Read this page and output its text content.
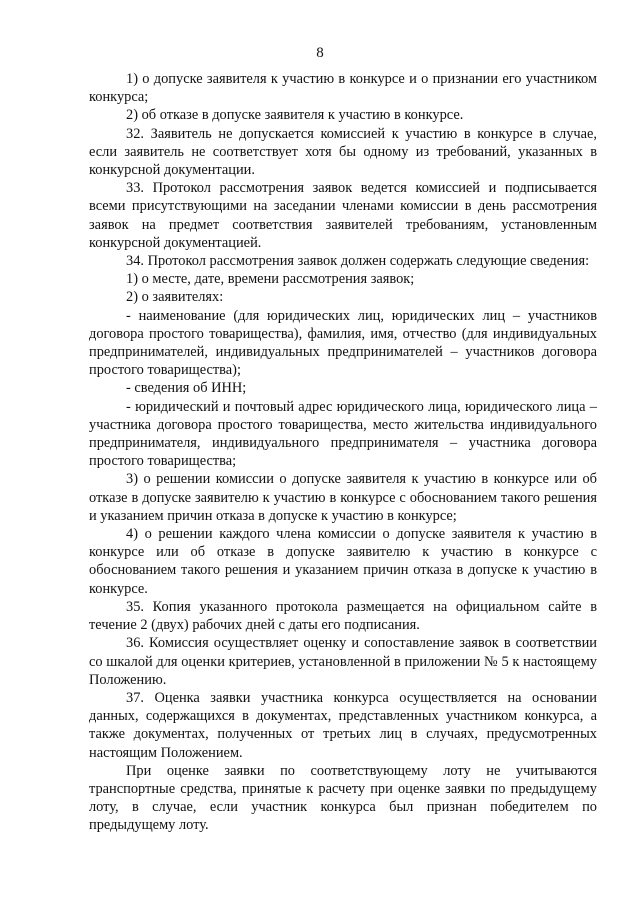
8

1) о допуске заявителя к участию в конкурсе и о признании его участником конкурса;

2) об отказе в допуске заявителя к участию в конкурсе.

32. Заявитель не допускается комиссией к участию в конкурсе в случае, если заявитель не соответствует хотя бы одному из требований, указанных в конкурсной документации.

33. Протокол рассмотрения заявок ведется комиссией и подписывается всеми присутствующими на заседании членами комиссии в день рассмотрения заявок на предмет соответствия заявителей требованиям, установленным конкурсной документацией.

34. Протокол рассмотрения заявок должен содержать следующие сведения:

1) о месте, дате, времени рассмотрения заявок;

2) о заявителях:

- наименование (для юридических лиц, юридических лиц – участников договора простого товарищества), фамилия, имя, отчество (для индивидуальных предпринимателей, индивидуальных предпринимателей – участников договора простого товарищества);

- сведения об ИНН;

- юридический и почтовый адрес юридического лица, юридического лица – участника договора простого товарищества, место жительства индивидуального предпринимателя, индивидуального предпринимателя – участника договора простого товарищества;

3) о решении комиссии о допуске заявителя к участию в конкурсе или об отказе в допуске заявителю к участию в конкурсе с обоснованием такого решения и указанием причин отказа в допуске к участию в конкурсе;

4) о решении каждого члена комиссии о допуске заявителя к участию в конкурсе или об отказе в допуске заявителю к участию в конкурсе с обоснованием такого решения и указанием причин отказа в допуске к участию в конкурсе.

35. Копия указанного протокола размещается на официальном сайте в течение 2 (двух) рабочих дней с даты его подписания.

36. Комиссия осуществляет оценку и сопоставление заявок в соответствии со шкалой для оценки критериев, установленной в приложении № 5 к настоящему Положению.

37. Оценка заявки участника конкурса осуществляется на основании данных, содержащихся в документах, представленных участником конкурса, а также документах, полученных от третьих лиц в случаях, предусмотренных настоящим Положением.

При оценке заявки по соответствующему лоту не учитываются транспортные средства, принятые к расчету при оценке заявки по предыдущему лоту, в случае, если участник конкурса был признан победителем по предыдущему лоту.
